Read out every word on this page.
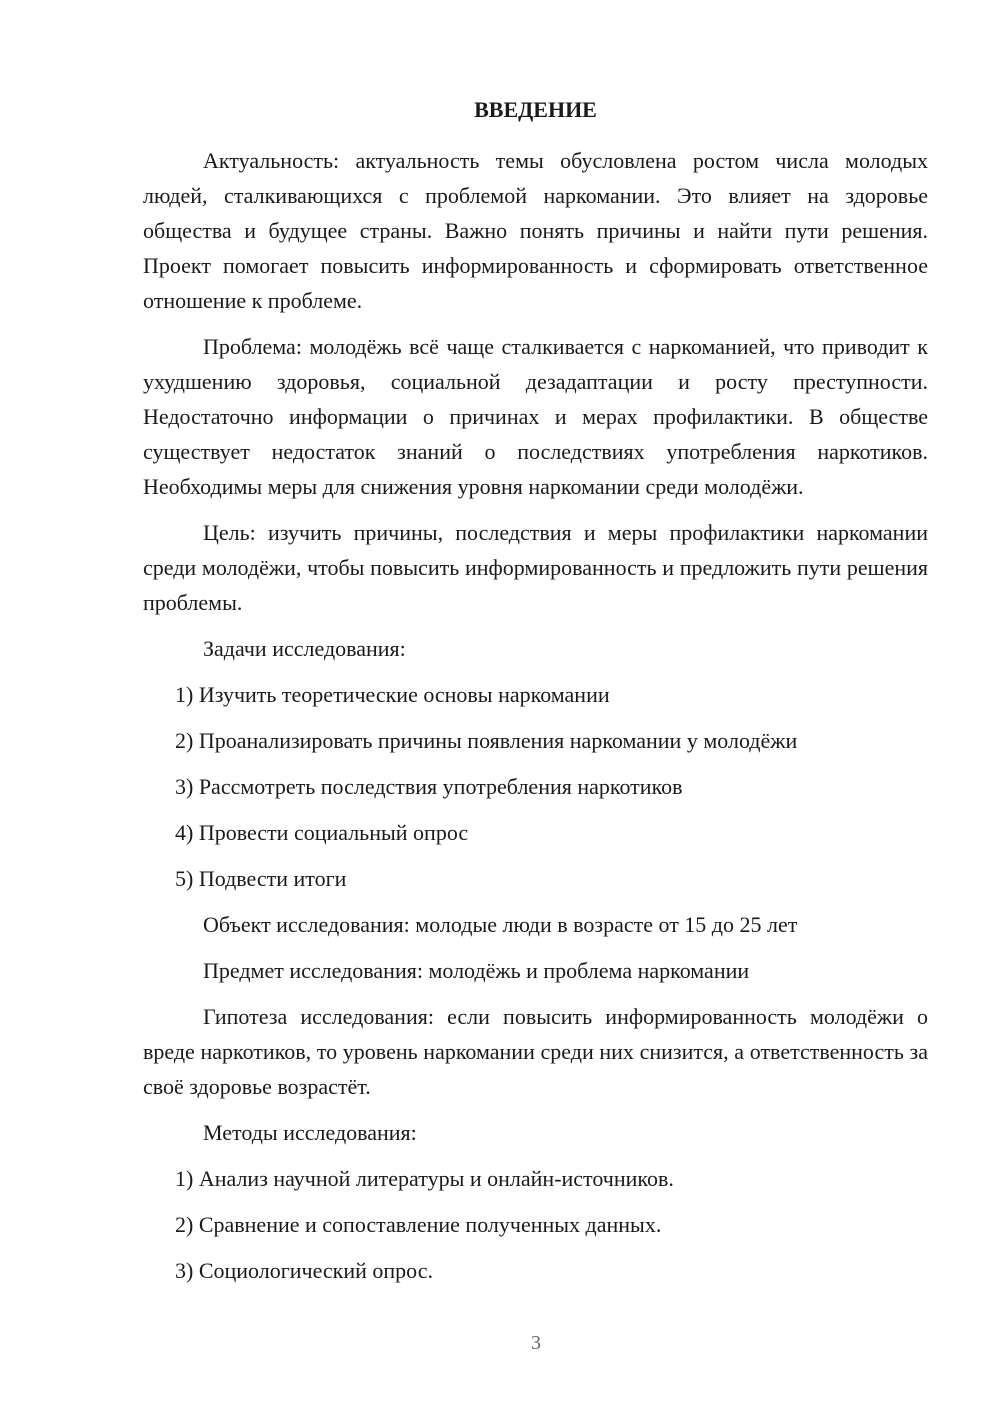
ВВЕДЕНИЕ

Актуальность: актуальность темы обусловлена ростом числа молодых людей, сталкивающихся с проблемой наркомании. Это влияет на здоровье общества и будущее страны. Важно понять причины и найти пути решения. Проект помогает повысить информированность и сформировать ответственное отношение к проблеме.

Проблема: молодёжь всё чаще сталкивается с наркоманией, что приводит к ухудшению здоровья, социальной дезадаптации и росту преступности. Недостаточно информации о причинах и мерах профилактики. В обществе существует недостаток знаний о последствиях употребления наркотиков. Необходимы меры для снижения уровня наркомании среди молодёжи.

Цель: изучить причины, последствия и меры профилактики наркомании среди молодёжи, чтобы повысить информированность и предложить пути решения проблемы.

Задачи исследования:

1) Изучить теоретические основы наркомании

2) Проанализировать причины появления наркомании у молодёжи

3) Рассмотреть последствия употребления наркотиков

4) Провести социальный опрос

5) Подвести итоги

Объект исследования: молодые люди в возрасте от 15 до 25 лет

Предмет исследования: молодёжь и проблема наркомании

Гипотеза исследования: если повысить информированность молодёжи о вреде наркотиков, то уровень наркомании среди них снизится, а ответственность за своё здоровье возрастёт.

Методы исследования:

1) Анализ научной литературы и онлайн-источников.

2) Сравнение и сопоставление полученных данных.

3) Социологический опрос.

3
